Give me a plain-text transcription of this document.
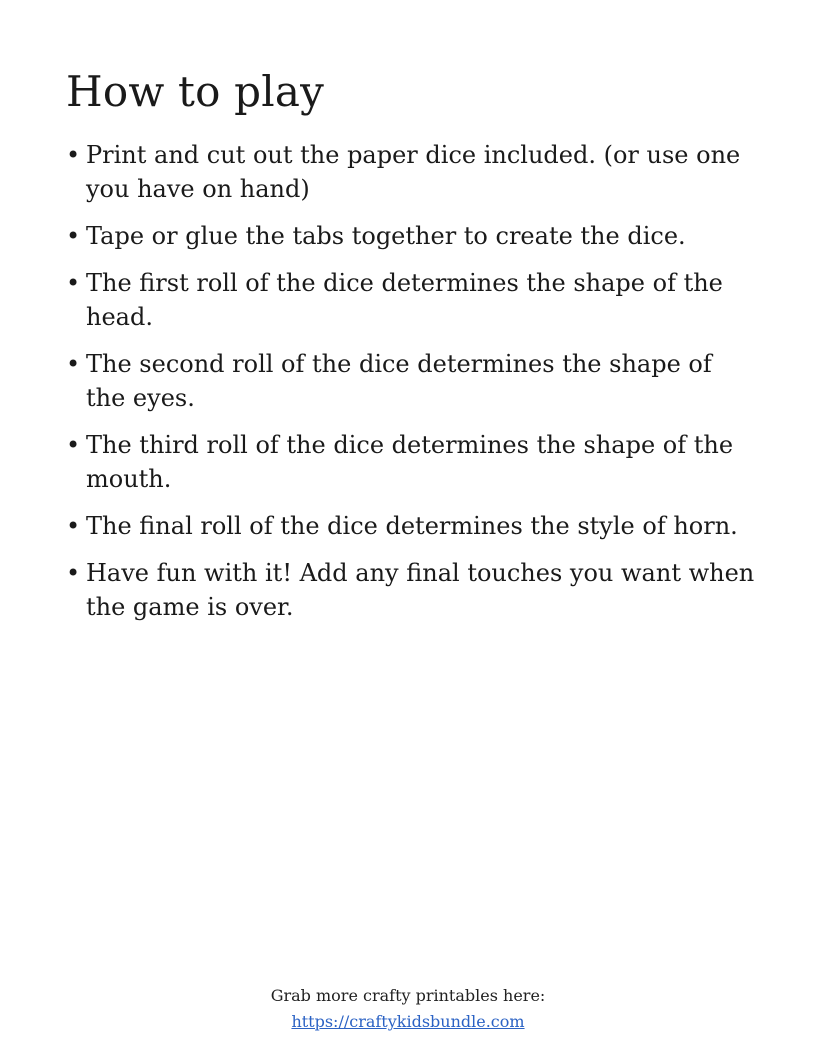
How to play
• Print and cut out the paper dice included. (or use one you have on hand)
• Tape or glue the tabs together to create the dice.
• The first roll of the dice determines the shape of the head.
• The second roll of the dice determines the shape of the eyes.
• The third roll of the dice determines the shape of the mouth.
• The final roll of the dice determines the style of horn.
• Have fun with it! Add any final touches you want when the game is over.
Grab more crafty printables here:
https://craftykidsbundle.com
